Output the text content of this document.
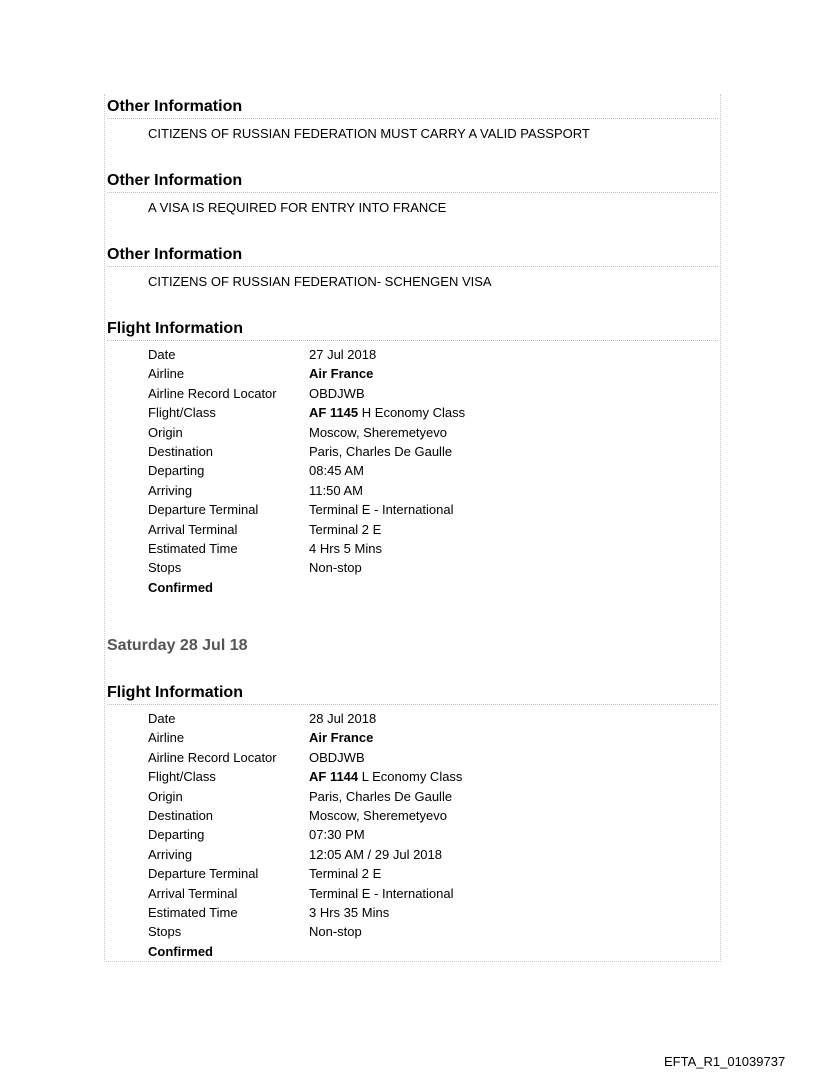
Other Information
CITIZENS OF RUSSIAN FEDERATION MUST CARRY A VALID PASSPORT
Other Information
A VISA IS REQUIRED FOR ENTRY INTO FRANCE
Other Information
CITIZENS OF RUSSIAN FEDERATION- SCHENGEN VISA
Flight Information
Date	27 Jul 2018
Airline	Air France
Airline Record Locator	OBDJWB
Flight/Class	AF 1145 H Economy Class
Origin	Moscow, Sheremetyevo
Destination	Paris, Charles De Gaulle
Departing	08:45 AM
Arriving	11:50 AM
Departure Terminal	Terminal E - International
Arrival Terminal	Terminal 2 E
Estimated Time	4 Hrs 5 Mins
Stops	Non-stop
Confirmed
Saturday 28 Jul 18
Flight Information
Date	28 Jul 2018
Airline	Air France
Airline Record Locator	OBDJWB
Flight/Class	AF 1144 L Economy Class
Origin	Paris, Charles De Gaulle
Destination	Moscow, Sheremetyevo
Departing	07:30 PM
Arriving	12:05 AM / 29 Jul 2018
Departure Terminal	Terminal 2 E
Arrival Terminal	Terminal E - International
Estimated Time	3 Hrs 35 Mins
Stops	Non-stop
Confirmed
EFTA_R1_01039737
